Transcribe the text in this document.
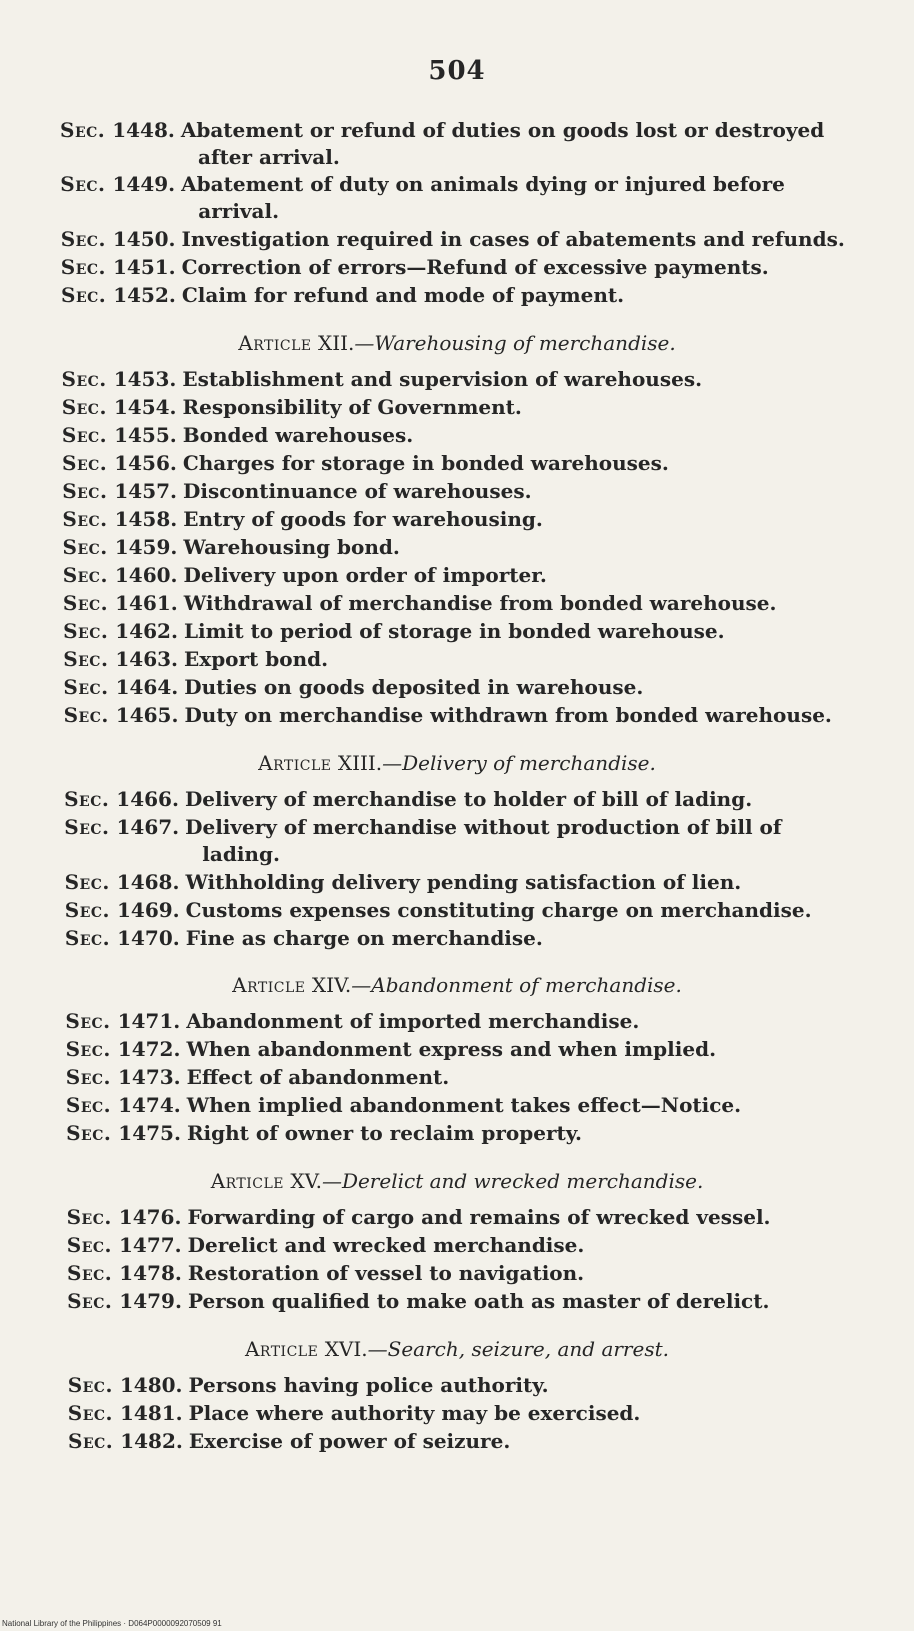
504
Sec. 1448. Abatement or refund of duties on goods lost or destroyed
after arrival.
Sec. 1449. Abatement of duty on animals dying or injured before
arrival.
Sec. 1450. Investigation required in cases of abatements and refunds.
Sec. 1451. Correction of errors—Refund of excessive payments.
Sec. 1452. Claim for refund and mode of payment.
Article XII.—Warehousing of merchandise.
Sec. 1453. Establishment and supervision of warehouses.
Sec. 1454. Responsibility of Government.
Sec. 1455. Bonded warehouses.
Sec. 1456. Charges for storage in bonded warehouses.
Sec. 1457. Discontinuance of warehouses.
Sec. 1458. Entry of goods for warehousing.
Sec. 1459. Warehousing bond.
Sec. 1460. Delivery upon order of importer.
Sec. 1461. Withdrawal of merchandise from bonded warehouse.
Sec. 1462. Limit to period of storage in bonded warehouse.
Sec. 1463. Export bond.
Sec. 1464. Duties on goods deposited in warehouse.
Sec. 1465. Duty on merchandise withdrawn from bonded warehouse.
Article XIII.—Delivery of merchandise.
Sec. 1466. Delivery of merchandise to holder of bill of lading.
Sec. 1467. Delivery of merchandise without production of bill of
lading.
Sec. 1468. Withholding delivery pending satisfaction of lien.
Sec. 1469. Customs expenses constituting charge on merchandise.
Sec. 1470. Fine as charge on merchandise.
Article XIV.—Abandonment of merchandise.
Sec. 1471. Abandonment of imported merchandise.
Sec. 1472. When abandonment express and when implied.
Sec. 1473. Effect of abandonment.
Sec. 1474. When implied abandonment takes effect—Notice.
Sec. 1475. Right of owner to reclaim property.
Article XV.—Derelict and wrecked merchandise.
Sec. 1476. Forwarding of cargo and remains of wrecked vessel.
Sec. 1477. Derelict and wrecked merchandise.
Sec. 1478. Restoration of vessel to navigation.
Sec. 1479. Person qualified to make oath as master of derelict.
Article XVI.—Search, seizure, and arrest.
Sec. 1480. Persons having police authority.
Sec. 1481. Place where authority may be exercised.
Sec. 1482. Exercise of power of seizure.
National Library of the Philippines · D064P0000092070509 91
